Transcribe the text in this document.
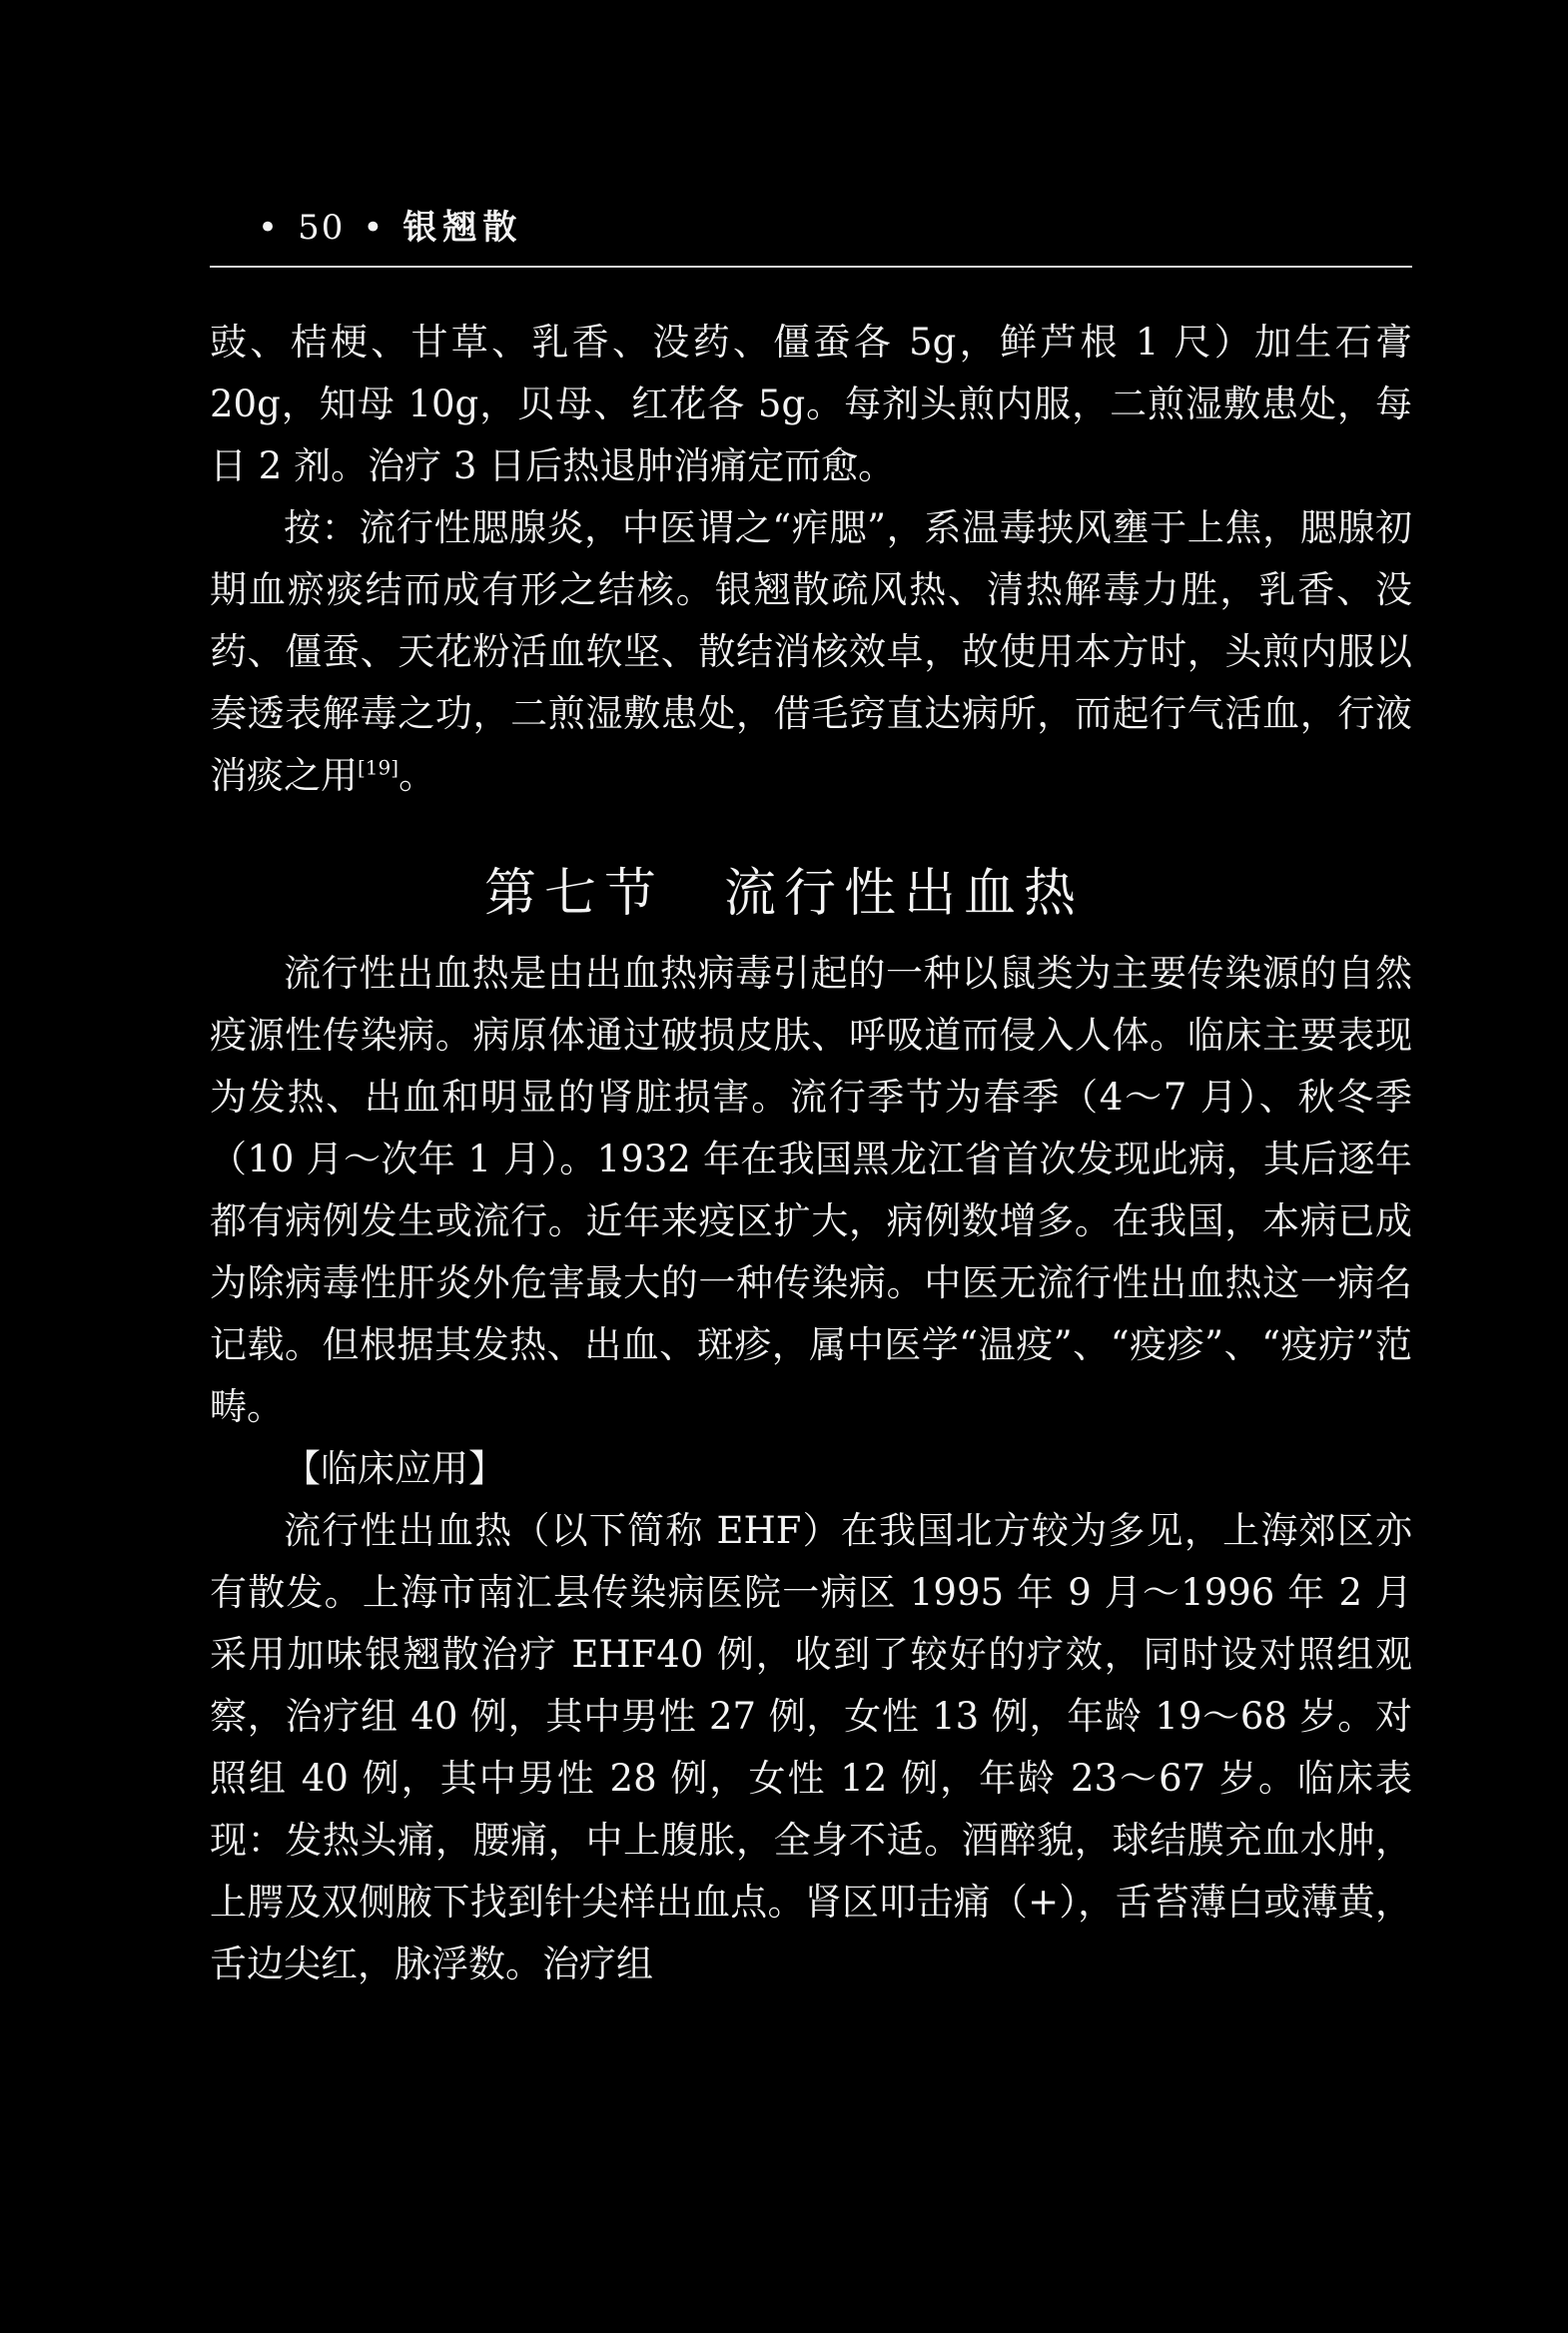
• 50 • 银翘散

豉、桔梗、甘草、乳香、没药、僵蚕各 5g，鲜芦根 1 尺）加生石膏 20g，知母 10g，贝母、红花各 5g。每剂头煎内服，二煎湿敷患处，每日 2 剂。治疗 3 日后热退肿消痛定而愈。

按：流行性腮腺炎，中医谓之“痄腮”，系温毒挟风壅于上焦，腮腺初期血瘀痰结而成有形之结核。银翘散疏风热、清热解毒力胜，乳香、没药、僵蚕、天花粉活血软坚、散结消核效卓，故使用本方时，头煎内服以奏透表解毒之功，二煎湿敷患处，借毛窍直达病所，而起行气活血，行液消痰之用[19]。

第七节 流行性出血热

流行性出血热是由出血热病毒引起的一种以鼠类为主要传染源的自然疫源性传染病。病原体通过破损皮肤、呼吸道而侵入人体。临床主要表现为发热、出血和明显的肾脏损害。流行季节为春季（4～7 月）、秋冬季（10 月～次年 1 月）。1932 年在我国黑龙江省首次发现此病，其后逐年都有病例发生或流行。近年来疫区扩大，病例数增多。在我国，本病已成为除病毒性肝炎外危害最大的一种传染病。中医无流行性出血热这一病名记载。但根据其发热、出血、斑疹，属中医学“温疫”、“疫疹”、“疫疠”范畴。

【临床应用】

流行性出血热（以下简称 EHF）在我国北方较为多见，上海郊区亦有散发。上海市南汇县传染病医院一病区 1995 年 9 月～1996 年 2 月采用加味银翘散治疗 EHF40 例，收到了较好的疗效，同时设对照组观察，治疗组 40 例，其中男性 27 例，女性 13 例，年龄 19～68 岁。对照组 40 例，其中男性 28 例，女性 12 例，年龄 23～67 岁。临床表现：发热头痛，腰痛，中上腹胀，全身不适。酒醉貌，球结膜充血水肿，上腭及双侧腋下找到针尖样出血点。肾区叩击痛（+），舌苔薄白或薄黄，舌边尖红，脉浮数。治疗组
